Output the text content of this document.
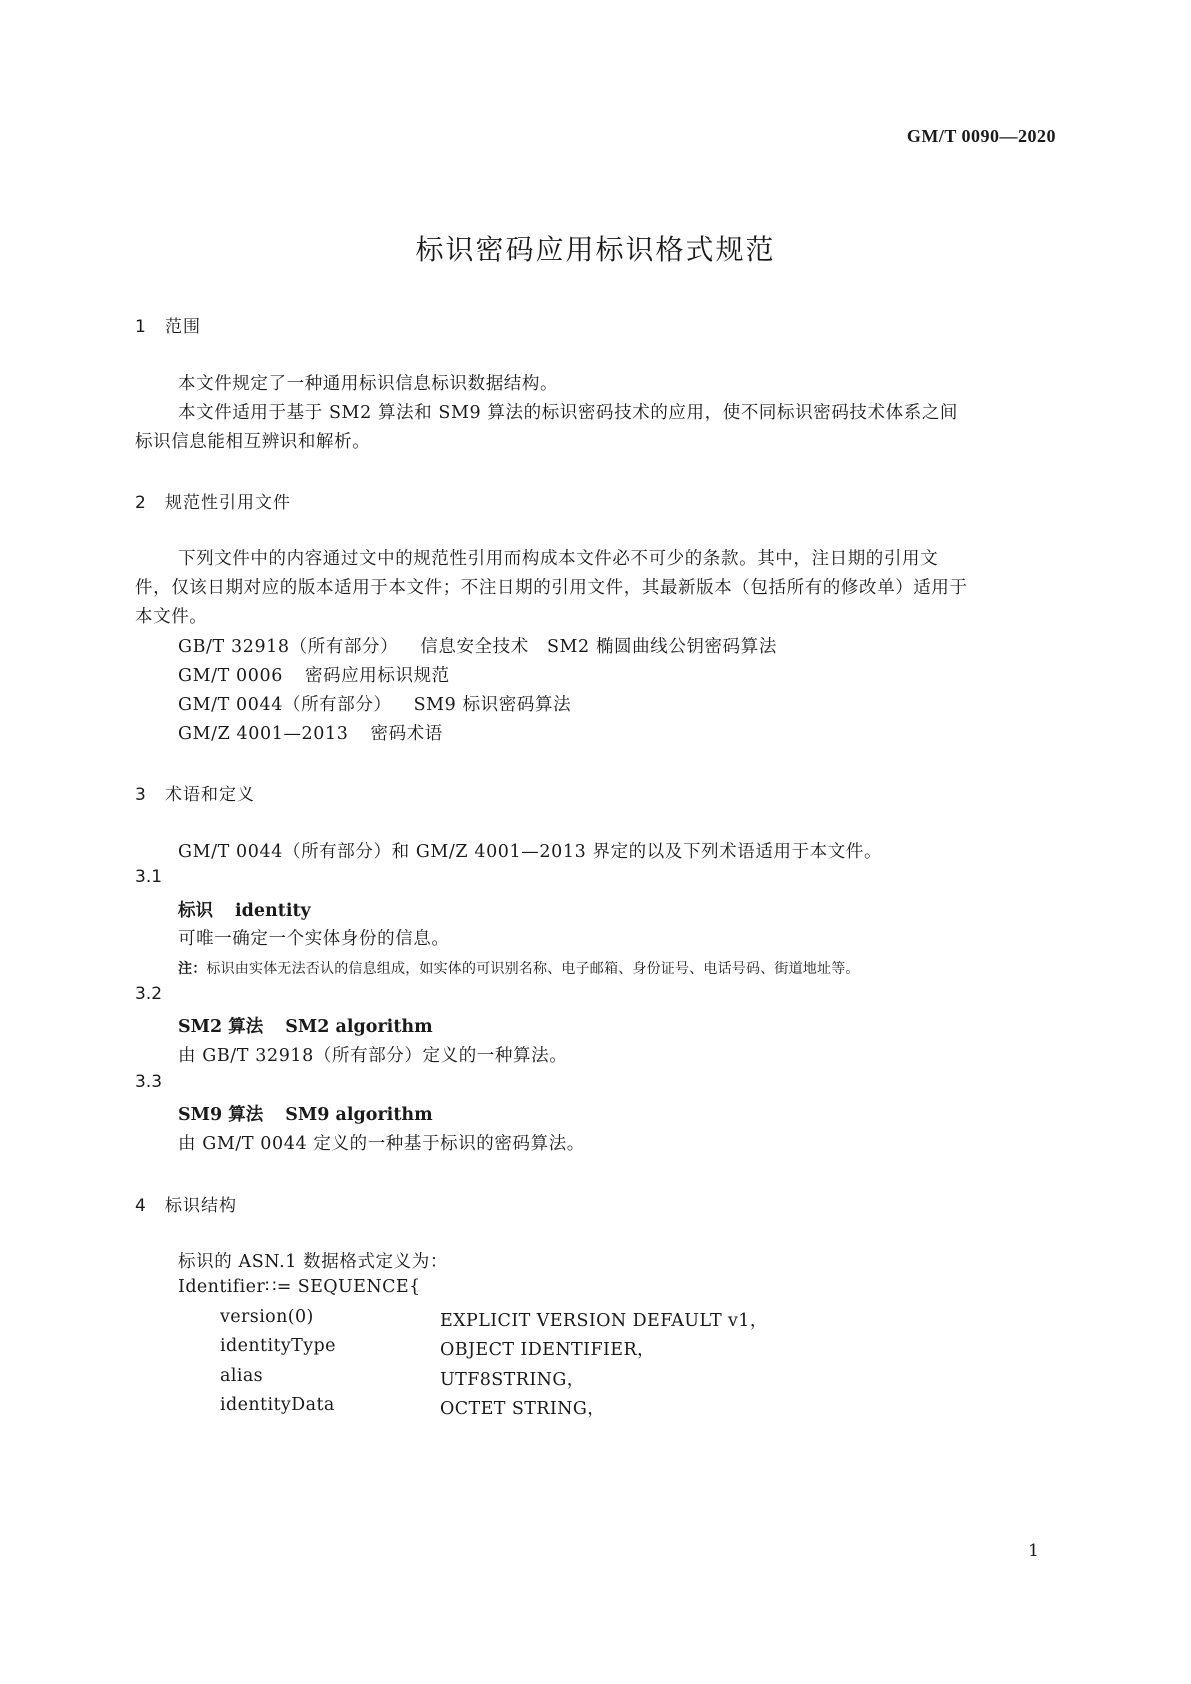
GM/T 0090—2020
标识密码应用标识格式规范
1 范围
本文件规定了一种通用标识信息标识数据结构。
本文件适用于基于 SM2 算法和 SM9 算法的标识密码技术的应用，使不同标识密码技术体系之间
标识信息能相互辨识和解析。
2 规范性引用文件
下列文件中的内容通过文中的规范性引用而构成本文件必不可少的条款。其中，注日期的引用文
件，仅该日期对应的版本适用于本文件；不注日期的引用文件，其最新版本（包括所有的修改单）适用于
本文件。
GB/T 32918（所有部分） 信息安全技术　SM2 椭圆曲线公钥密码算法
GM/T 0006 密码应用标识规范
GM/T 0044（所有部分） SM9 标识密码算法
GM/Z 4001—2013 密码术语
3 术语和定义
GM/T 0044（所有部分）和 GM/Z 4001—2013 界定的以及下列术语适用于本文件。
3.1
标识 identity
可唯一确定一个实体身份的信息。
注：标识由实体无法否认的信息组成，如实体的可识别名称、电子邮箱、身份证号、电话号码、街道地址等。
3.2
SM2 算法 SM2 algorithm
由 GB/T 32918（所有部分）定义的一种算法。
3.3
SM9 算法 SM9 algorithm
由 GM/T 0044 定义的一种基于标识的密码算法。
4 标识结构
标识的 ASN.1 数据格式定义为：
Identifier∷= SEQUENCE{
version(0)	EXPLICIT VERSION DEFAULT v1，
identityType	OBJECT IDENTIFIER，
alias	UTF8STRING，
identityData	OCTET STRING，
1
